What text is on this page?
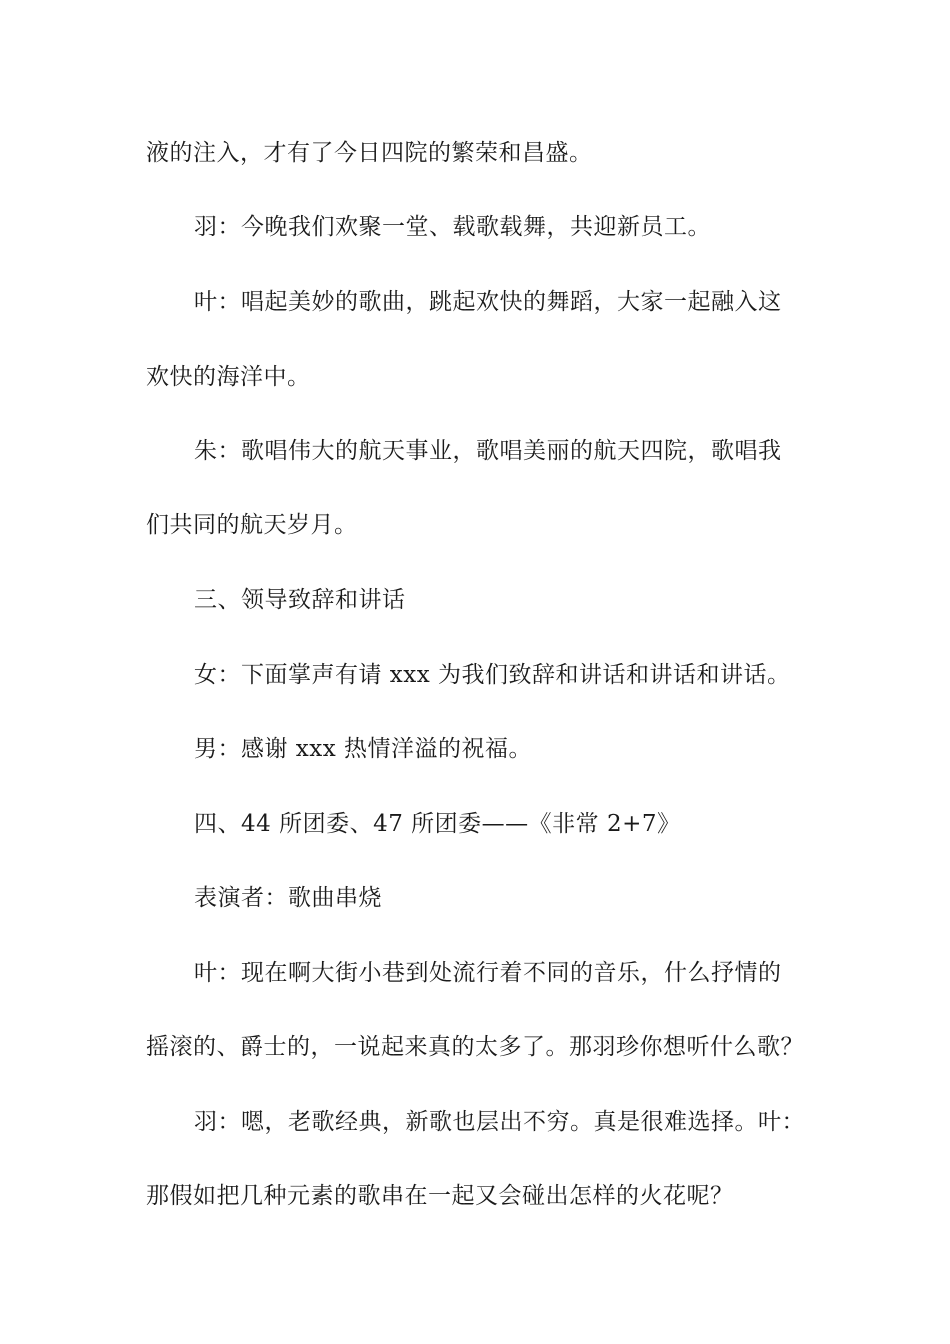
液的注入，才有了今日四院的繁荣和昌盛。
羽：今晚我们欢聚一堂、载歌载舞，共迎新员工。
叶：唱起美妙的歌曲，跳起欢快的舞蹈，大家一起融入这
欢快的海洋中。
朱：歌唱伟大的航天事业，歌唱美丽的航天四院，歌唱我
们共同的航天岁月。
三、领导致辞和讲话
女：下面掌声有请 xxx 为我们致辞和讲话和讲话和讲话。
男：感谢 xxx 热情洋溢的祝福。
四、44 所团委、47 所团委——《非常 2+7》
表演者：歌曲串烧
叶：现在啊大街小巷到处流行着不同的音乐，什么抒情的
摇滚的、爵士的，一说起来真的太多了。那羽珍你想听什么歌？
羽：嗯，老歌经典，新歌也层出不穷。真是很难选择。叶：
那假如把几种元素的歌串在一起又会碰出怎样的火花呢？
